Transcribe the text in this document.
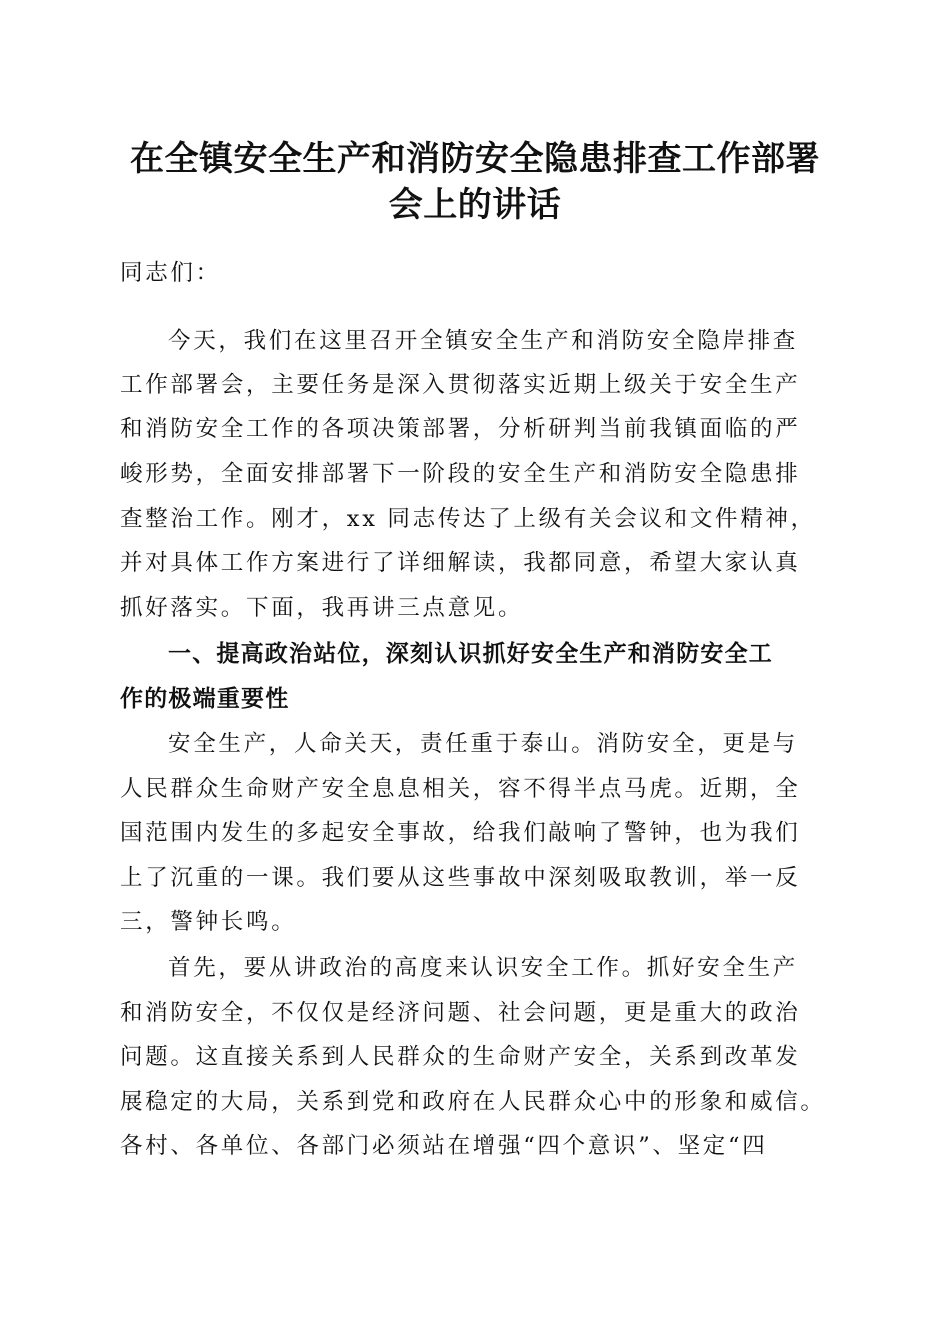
在全镇安全生产和消防安全隐患排查工作部署
会上的讲话
同志们：
今天，我们在这里召开全镇安全生产和消防安全隐岸排查
工作部署会，主要任务是深入贯彻落实近期上级关于安全生产
和消防安全工作的各项决策部署，分析研判当前我镇面临的严
峻形势，全面安排部署下一阶段的安全生产和消防安全隐患排
查整治工作。刚才，xx 同志传达了上级有关会议和文件精神，
并对具体工作方案进行了详细解读，我都同意，希望大家认真
抓好落实。下面，我再讲三点意见。
一、提高政治站位，深刻认识抓好安全生产和消防安全工
作的极端重要性
安全生产，人命关天，责任重于泰山。消防安全，更是与
人民群众生命财产安全息息相关，容不得半点马虎。近期，全
国范围内发生的多起安全事故，给我们敲响了警钟，也为我们
上了沉重的一课。我们要从这些事故中深刻吸取教训，举一反
三，警钟长鸣。
首先，要从讲政治的高度来认识安全工作。抓好安全生产
和消防安全，不仅仅是经济问题、社会问题，更是重大的政治
问题。这直接关系到人民群众的生命财产安全，关系到改革发
展稳定的大局，关系到党和政府在人民群众心中的形象和威信。
各村、各单位、各部门必须站在增强“四个意识”、坚定“四
